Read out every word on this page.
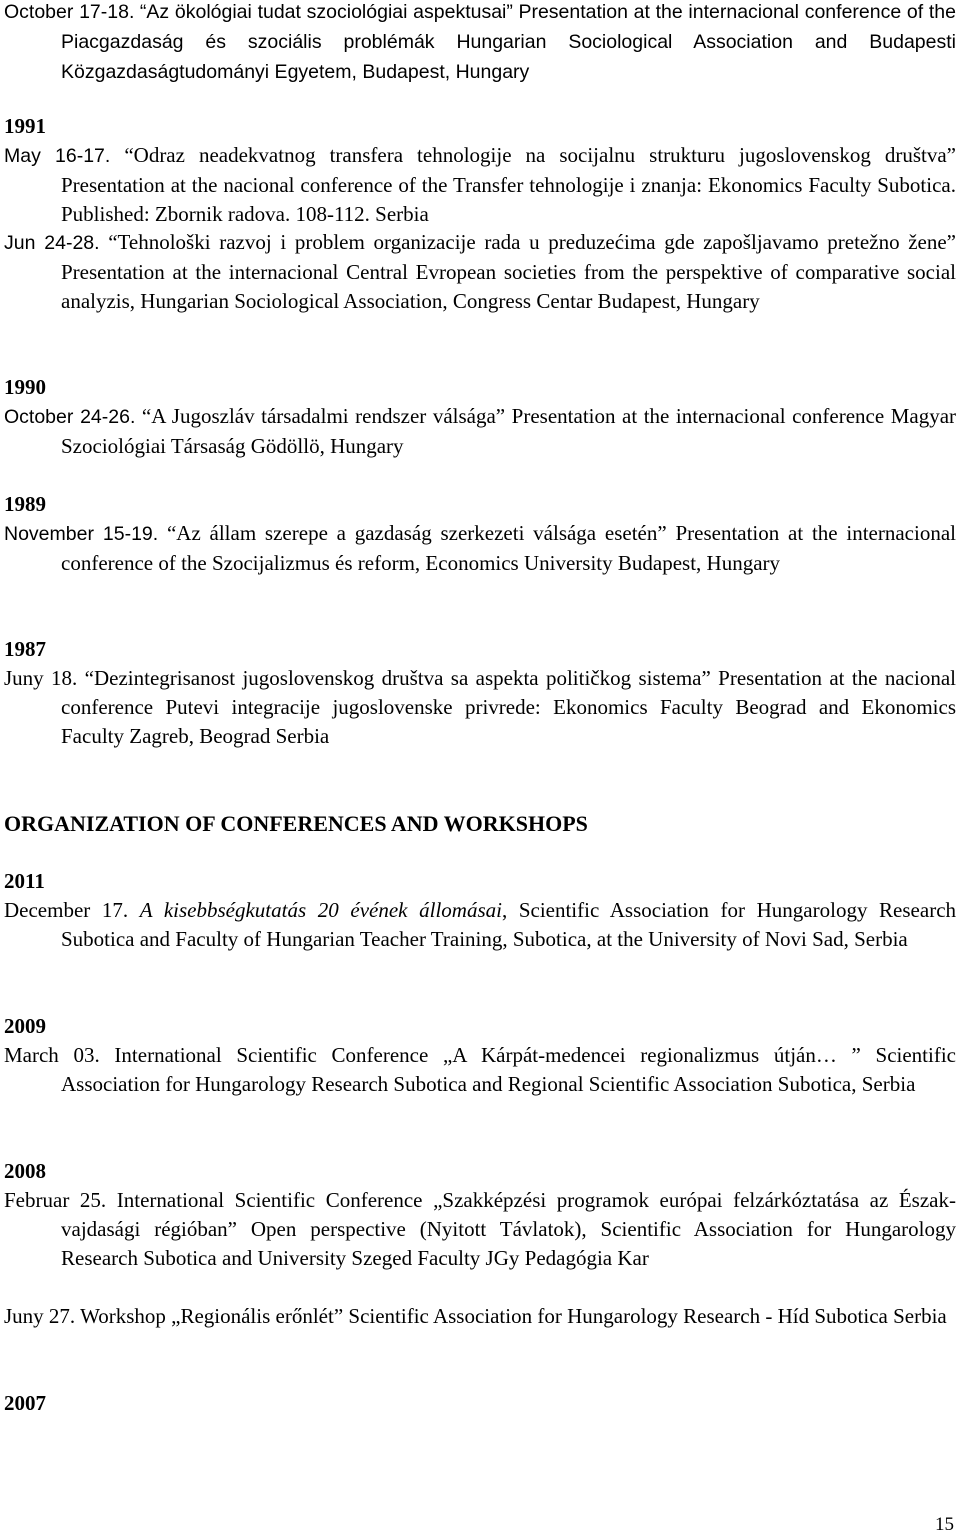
October 17-18. “Az ökológiai tudat szociológiai aspektusai” Presentation at the internacional conference of the Piacgazdaság és szociális problémák Hungarian Sociological Association and Budapesti Közgazdaságtudományi Egyetem, Budapest, Hungary
1991
May 16-17. “Odraz neadekvatnog transfera tehnologije na socijalnu strukturu jugoslovenskog društva” Presentation at the nacional conference of the Transfer tehnologije i znanja: Ekonomics Faculty Subotica. Published: Zbornik radova. 108-112. Serbia
Jun 24-28. “Tehnološki razvoj i problem organizacije rada u preduzećima gde zapošljavamo pretežno žene” Presentation at the internacional Central Evropean societies from the perspektive of comparative social analyzis, Hungarian Sociological Association, Congress Centar Budapest, Hungary
1990
October 24-26. “A Jugoszláv társadalmi rendszer válsága” Presentation at the internacional conference Magyar Szociológiai Társaság Gödöllö, Hungary
1989
November 15-19. “Az állam szerepe a gazdaság szerkezeti válsága esetén” Presentation at the internacional conference of the Szocijalizmus és reform, Economics University Budapest, Hungary
1987
Juny 18. “Dezintegrisanost jugoslovenskog društva sa aspekta političkog sistema” Presentation at the nacional conference Putevi integracije jugoslovenske privrede: Ekonomics Faculty Beograd and Ekonomics Faculty Zagreb, Beograd Serbia
ORGANIZATION OF CONFERENCES AND WORKSHOPS
2011
December 17. A kisebbségkutatás 20 évének állomásai, Scientific Association for Hungarology Research Subotica and Faculty of Hungarian Teacher Training, Subotica, at the University of Novi Sad, Serbia
2009
March 03. International Scientific Conference „A Kárpát-medencei regionalizmus útján… ” Scientific Association for Hungarology Research Subotica and Regional Scientific Association Subotica, Serbia
2008
Februar 25. International Scientific Conference „Szakképzési programok európai felzárkóztatása az Észak-vajdasági régióban” Open perspective (Nyitott Távlatok), Scientific Association for Hungarology Research Subotica and University Szeged Faculty JGy Pedagógia Kar
Juny 27. Workshop „Regionális erőnlét” Scientific Association for Hungarology Research - Híd Subotica Serbia
2007
15
